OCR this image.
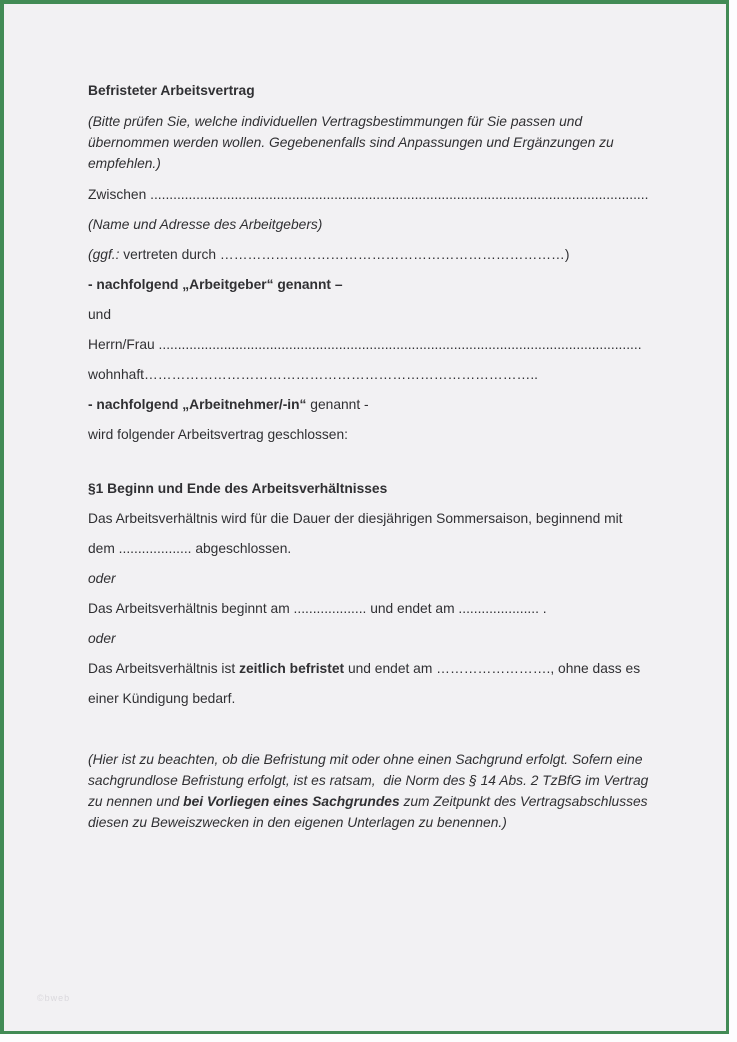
Befristeter Arbeitsvertrag
(Bitte prüfen Sie, welche individuellen Vertragsbestimmungen für Sie passen und
übernommen werden wollen. Gegebenenfalls sind Anpassungen und Ergänzungen zu
empfehlen.)
Zwischen ..................................................................................................................................
(Name und Adresse des Arbeitgebers)
(ggf.: vertreten durch …………………………………………………………………)
- nachfolgend „Arbeitgeber“ genannt –
und
Herrn/Frau ..............................................................................................................................
wohnhaft…………………………………………………………………………..
- nachfolgend „Arbeitnehmer/-in“ genannt -
wird folgender Arbeitsvertrag geschlossen:
§1 Beginn und Ende des Arbeitsverhältnisses
Das Arbeitsverhältnis wird für die Dauer der diesjährigen Sommersaison, beginnend mit
dem ................... abgeschlossen.
oder
Das Arbeitsverhältnis beginnt am ................... und endet am ..................... .
oder
Das Arbeitsverhältnis ist zeitlich befristet und endet am ……………………., ohne dass es
einer Kündigung bedarf.
(Hier ist zu beachten, ob die Befristung mit oder ohne einen Sachgrund erfolgt. Sofern eine
sachgrundlose Befristung erfolgt, ist es ratsam,  die Norm des § 14 Abs. 2 TzBfG im Vertrag
zu nennen und bei Vorliegen eines Sachgrundes zum Zeitpunkt des Vertragsabschlusses
diesen zu Beweiszwecken in den eigenen Unterlagen zu benennen.)
©bweb
